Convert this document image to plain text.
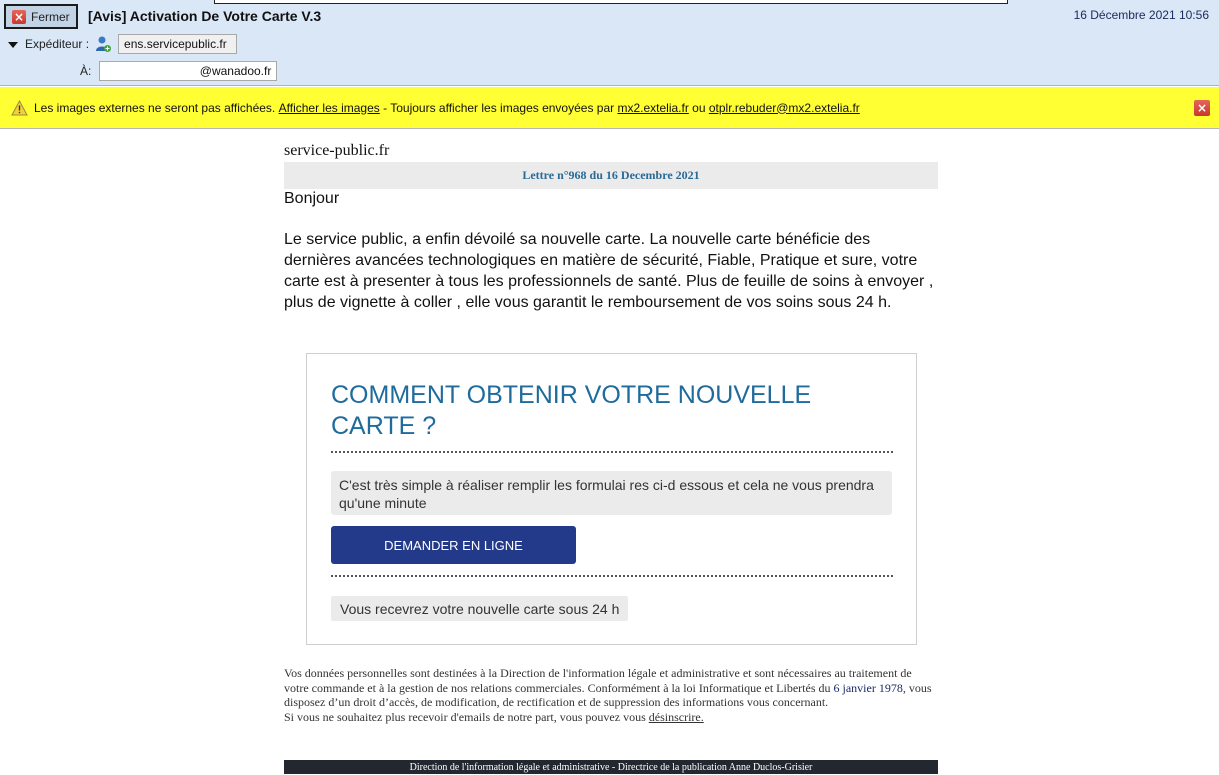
× Fermer [Avis] Activation De Votre Carte V.3	16 Décembre 2021 10:56
Expéditeur :	ens.servicepublic.fr
À:	@wanadoo.fr
Les images externes ne seront pas affichées.
Afficher les images
- Toujours afficher les images envoyées par
mx2.extelia.fr
ou
otplr.rebuder@mx2.extelia.fr	×
service-public.fr
Lettre n°968 du 16 Decembre 2021
Bonjour
Le service public, a enfin dévoilé sa nouvelle carte. La nouvelle carte bénéficie des dernières avancées technologiques en matière de sécurité, Fiable, Pratique et sure, votre carte est à presenter à tous les professionnels de santé. Plus de feuille de soins à envoyer , plus de vignette à coller , elle vous garantit le remboursement de vos soins sous 24 h.
COMMENT OBTENIR VOTRE NOUVELLE CARTE ?
C'est très simple à réaliser remplir les formulai res ci-d essous et cela ne vous prendra qu'une minute
DEMANDER EN LIGNE
Vous recevrez votre nouvelle carte sous 24 h
Vos données personnelles sont destinées à la Direction de l'information légale et administrative et sont nécessaires au traitement de votre commande et à la gestion de nos relations commerciales. Conformément à la loi Informatique et Libertés du 6 janvier 1978, vous disposez d’un droit d’accès, de modification, de rectification et de suppression des informations vous concernant.
Si vous ne souhaitez plus recevoir d'emails de notre part, vous pouvez vous désinscrire.
Direction de l'information légale et administrative - Directrice de la publication Anne Duclos-Grisier
